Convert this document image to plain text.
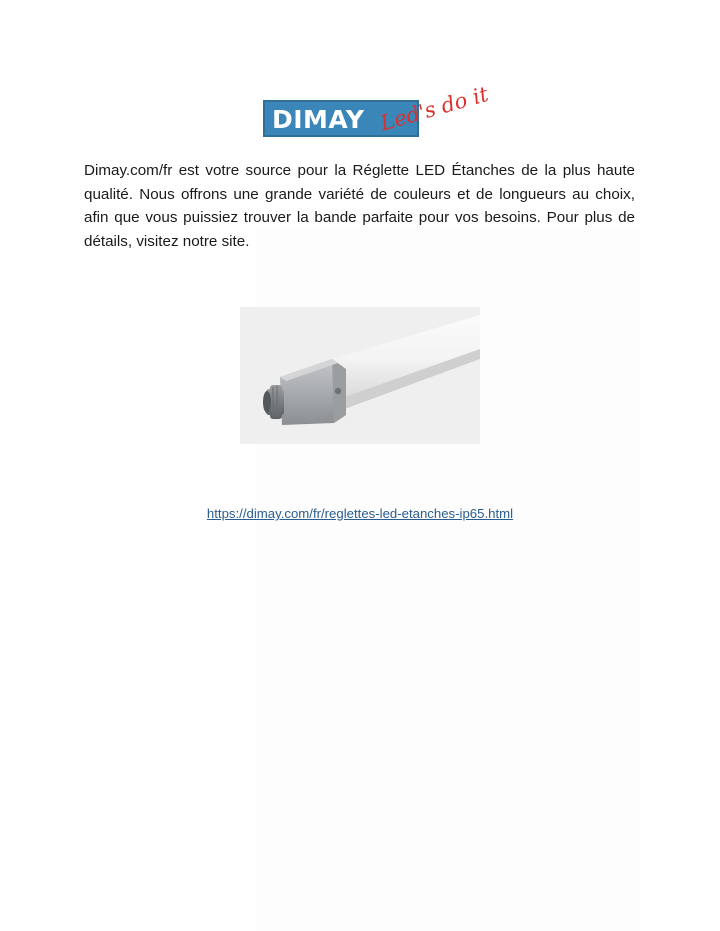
DIMAYLED
Led's do it

Dimay.com/fr est votre source pour la Réglette LED Étanches de la plus haute qualité. Nous offrons une grande variété de couleurs et de longueurs au choix, afin que vous puissiez trouver la bande parfaite pour vos besoins. Pour plus de détails, visitez notre site.

https://dimay.com/fr/reglettes-led-etanches-ip65.html
